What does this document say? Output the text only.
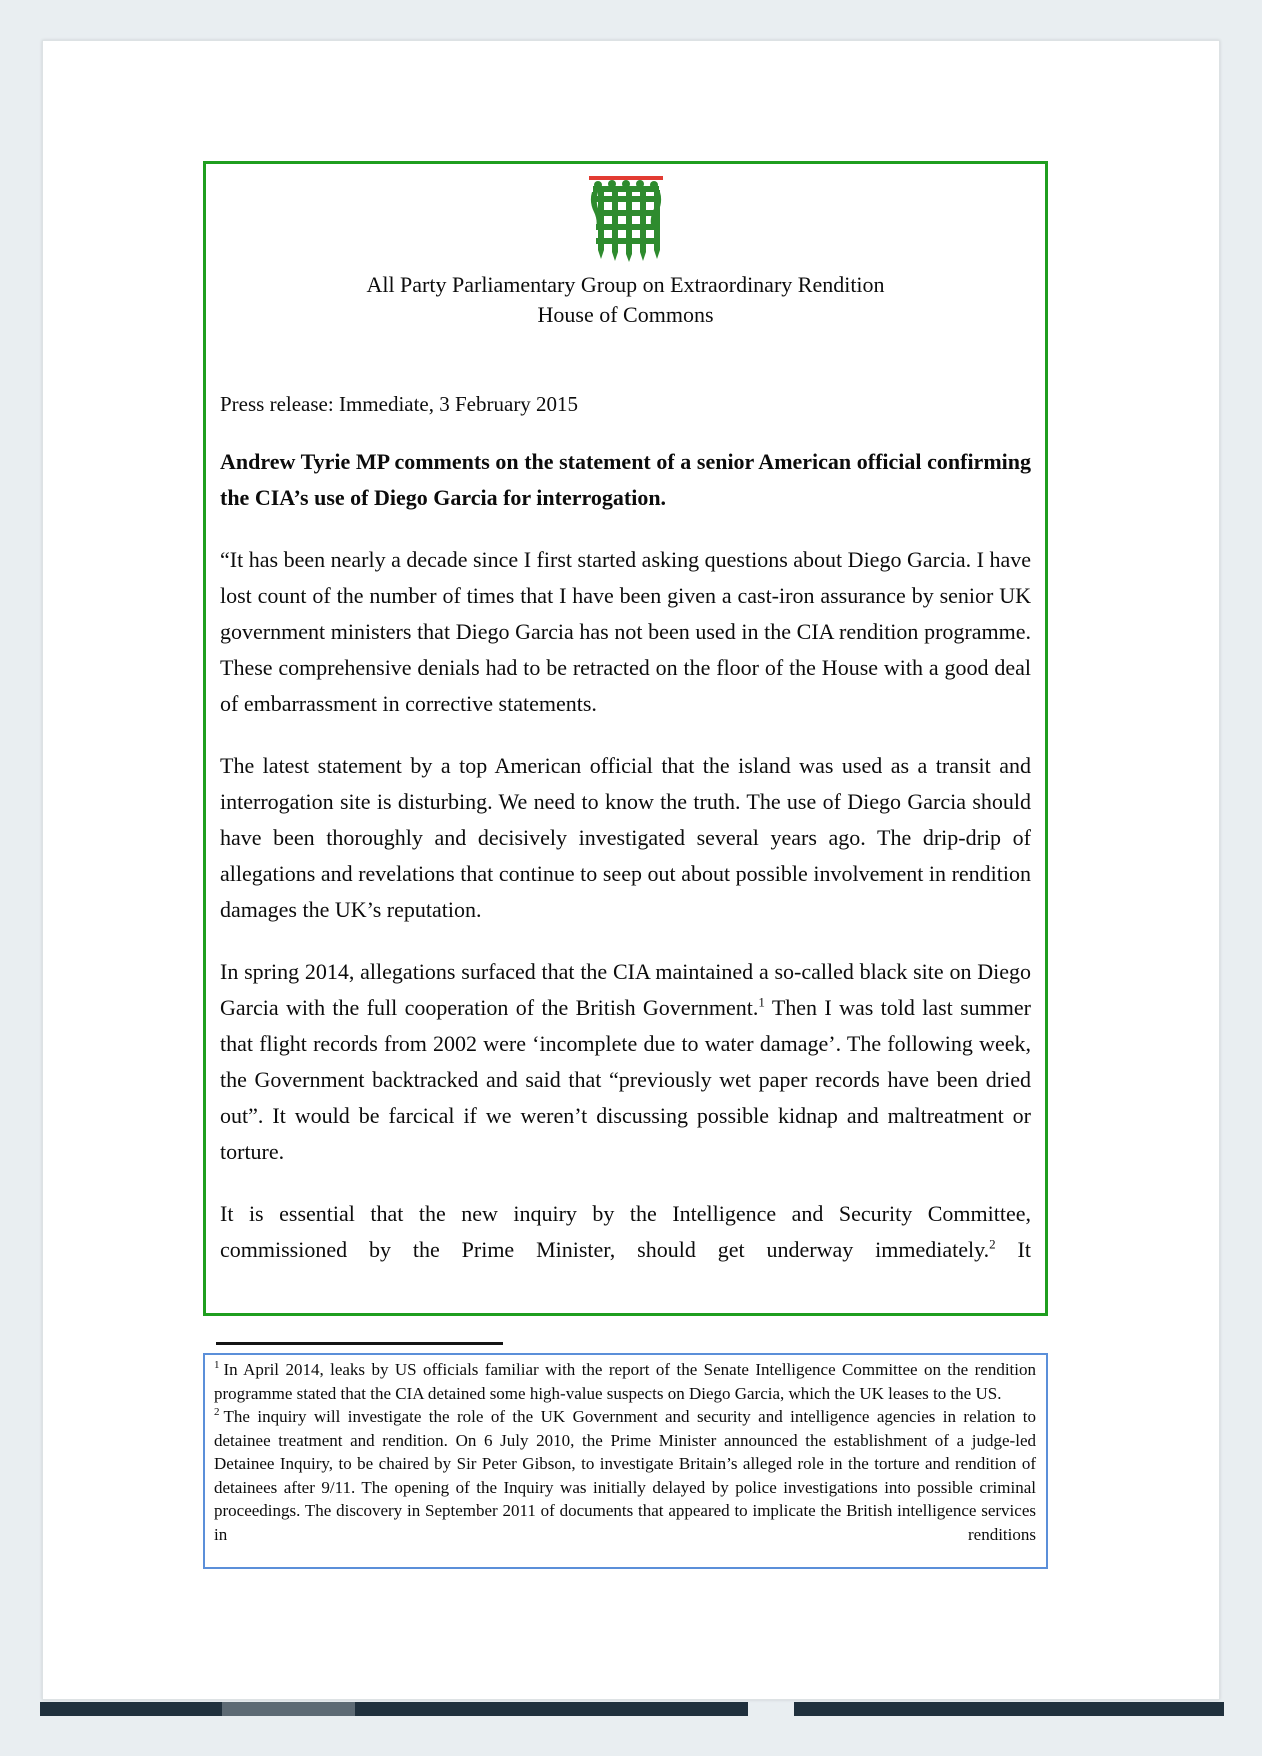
All Party Parliamentary Group on Extraordinary Rendition
House of Commons

Press release: Immediate, 3 February 2015

Andrew Tyrie MP comments on the statement of a senior American official confirming the CIA’s use of Diego Garcia for interrogation.

“It has been nearly a decade since I first started asking questions about Diego Garcia. I have lost count of the number of times that I have been given a cast-iron assurance by senior UK government ministers that Diego Garcia has not been used in the CIA rendition programme. These comprehensive denials had to be retracted on the floor of the House with a good deal of embarrassment in corrective statements.

The latest statement by a top American official that the island was used as a transit and interrogation site is disturbing. We need to know the truth. The use of Diego Garcia should have been thoroughly and decisively investigated several years ago. The drip-drip of allegations and revelations that continue to seep out about possible involvement in rendition damages the UK’s reputation.

In spring 2014, allegations surfaced that the CIA maintained a so-called black site on Diego Garcia with the full cooperation of the British Government.$^1$ Then I was told last summer that flight records from 2002 were ‘incomplete due to water damage’. The following week, the Government backtracked and said that “previously wet paper records have been dried out”. It would be farcical if we weren’t discussing possible kidnap and maltreatment or torture.

It is essential that the new inquiry by the Intelligence and Security Committee, commissioned by the Prime Minister, should get underway immediately.$^2$ It

$^1$ In April 2014, leaks by US officials familiar with the report of the Senate Intelligence Committee on the rendition programme stated that the CIA detained some high-value suspects on Diego Garcia, which the UK leases to the US.

$^2$ The inquiry will investigate the role of the UK Government and security and intelligence agencies in relation to detainee treatment and rendition. On 6 July 2010, the Prime Minister announced the establishment of a judge-led Detainee Inquiry, to be chaired by Sir Peter Gibson, to investigate Britain’s alleged role in the torture and rendition of detainees after 9/11. The opening of the Inquiry was initially delayed by police investigations into possible criminal proceedings. The discovery in September 2011 of documents that appeared to implicate the British intelligence services in renditions
